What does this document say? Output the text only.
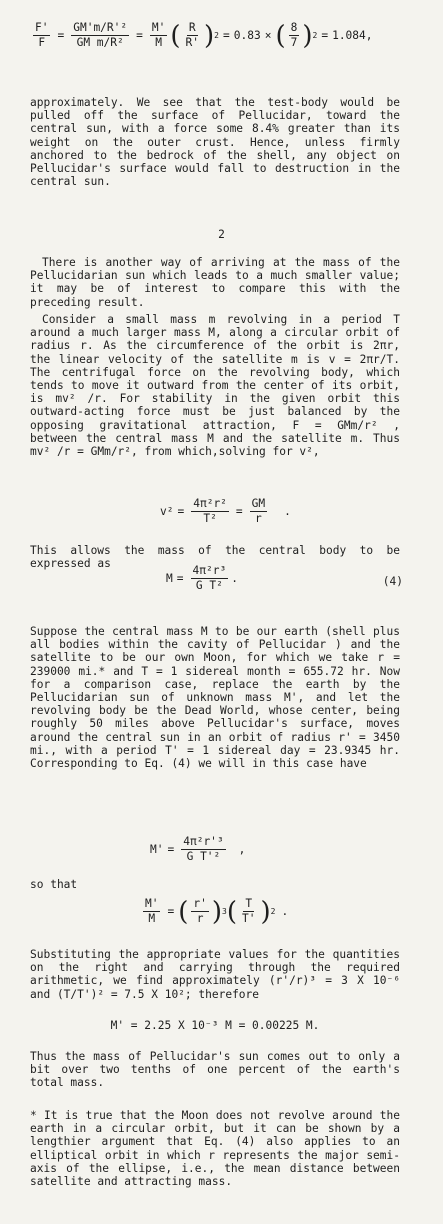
$\frac{F'}{F} = \frac{\text{GM'm/R'²}}{\text{GM m/R²}} = \frac{M'}{M}$ ( $\frac{R}{R'}$ ) 2 = 0.83 × ( $\frac{8}{7}$ ) 2 = 1.084,

approximately. We see that the test-body would be pulled off the surface of Pellucidar, toward the central sun, with a force some 8.4% greater than its weight on the outer crust. Hence, unless firmly anchored to the bedrock of the shell, any object on Pellucidar's surface would fall to destruction in the central sun.

2

There is another way of arriving at the mass of the Pellucidarian sun which leads to a much smaller value; it may be of interest to compare this with the preceding result.

Consider a small mass m revolving in a period T around a much larger mass M, along a circular orbit of radius r. As the circumference of the orbit is 2πr, the linear velocity of the satellite m is v = 2πr/T. The centrifugal force on the revolving body, which tends to move it outward from the center of its orbit, is mv² /r. For stability in the given orbit this outward-acting force must be just balanced by the opposing gravitational attraction, F = GMm/r² , between the central mass M and the satellite m. Thus mv² /r = GMm/r², from which,solving for v²,

$v^2 = \frac{\text{4π²r²}}{\text{T²}} = \frac{GM}{r}$ .

This allows the mass of the central body to be expressed as

$M = \frac{\text{4π²r³}}{\text{G T²}}$ .	(4)

Suppose the central mass M to be our earth (shell plus all bodies within the cavity of Pellucidar ) and the satellite to be our own Moon, for which we take r = 239000 mi.* and T = 1 sidereal month = 655.72 hr. Now for a comparison case, replace the earth by the Pellucidarian sun of unknown mass M', and let the revolving body be the Dead World, whose center, being roughly 50 miles above Pellucidar's surface, moves around the central sun in an orbit of radius r' = 3450 mi., with a period T' = 1 sidereal day = 23.9345 hr. Corresponding to Eq. (4) we will in this case have

$M' = \frac{\text{4π²r'³}}{\text{G T'²}}$ ,

so that

$\frac{M'}{M}$ = ( $\frac{r'}{r}$ ) 3 ( $\frac{T}{T'}$ ) 2 .

Substituting the appropriate values for the quantities on the right and carrying through the required arithmetic, we find approximately (r'/r)³ = 3 X 10⁻⁶ and (T/T')² = 7.5 X 10²; therefore

M' = 2.25 X 10⁻³ M = 0.00225 M.

Thus the mass of Pellucidar's sun comes out to only a bit over two tenths of one percent of the earth's total mass.

* It is true that the Moon does not revolve around the earth in a circular orbit, but it can be shown by a lengthier argument that Eq. (4) also applies to an elliptical orbit in which r represents the major semi-axis of the ellipse, i.e., the mean distance between satellite and attracting mass.
